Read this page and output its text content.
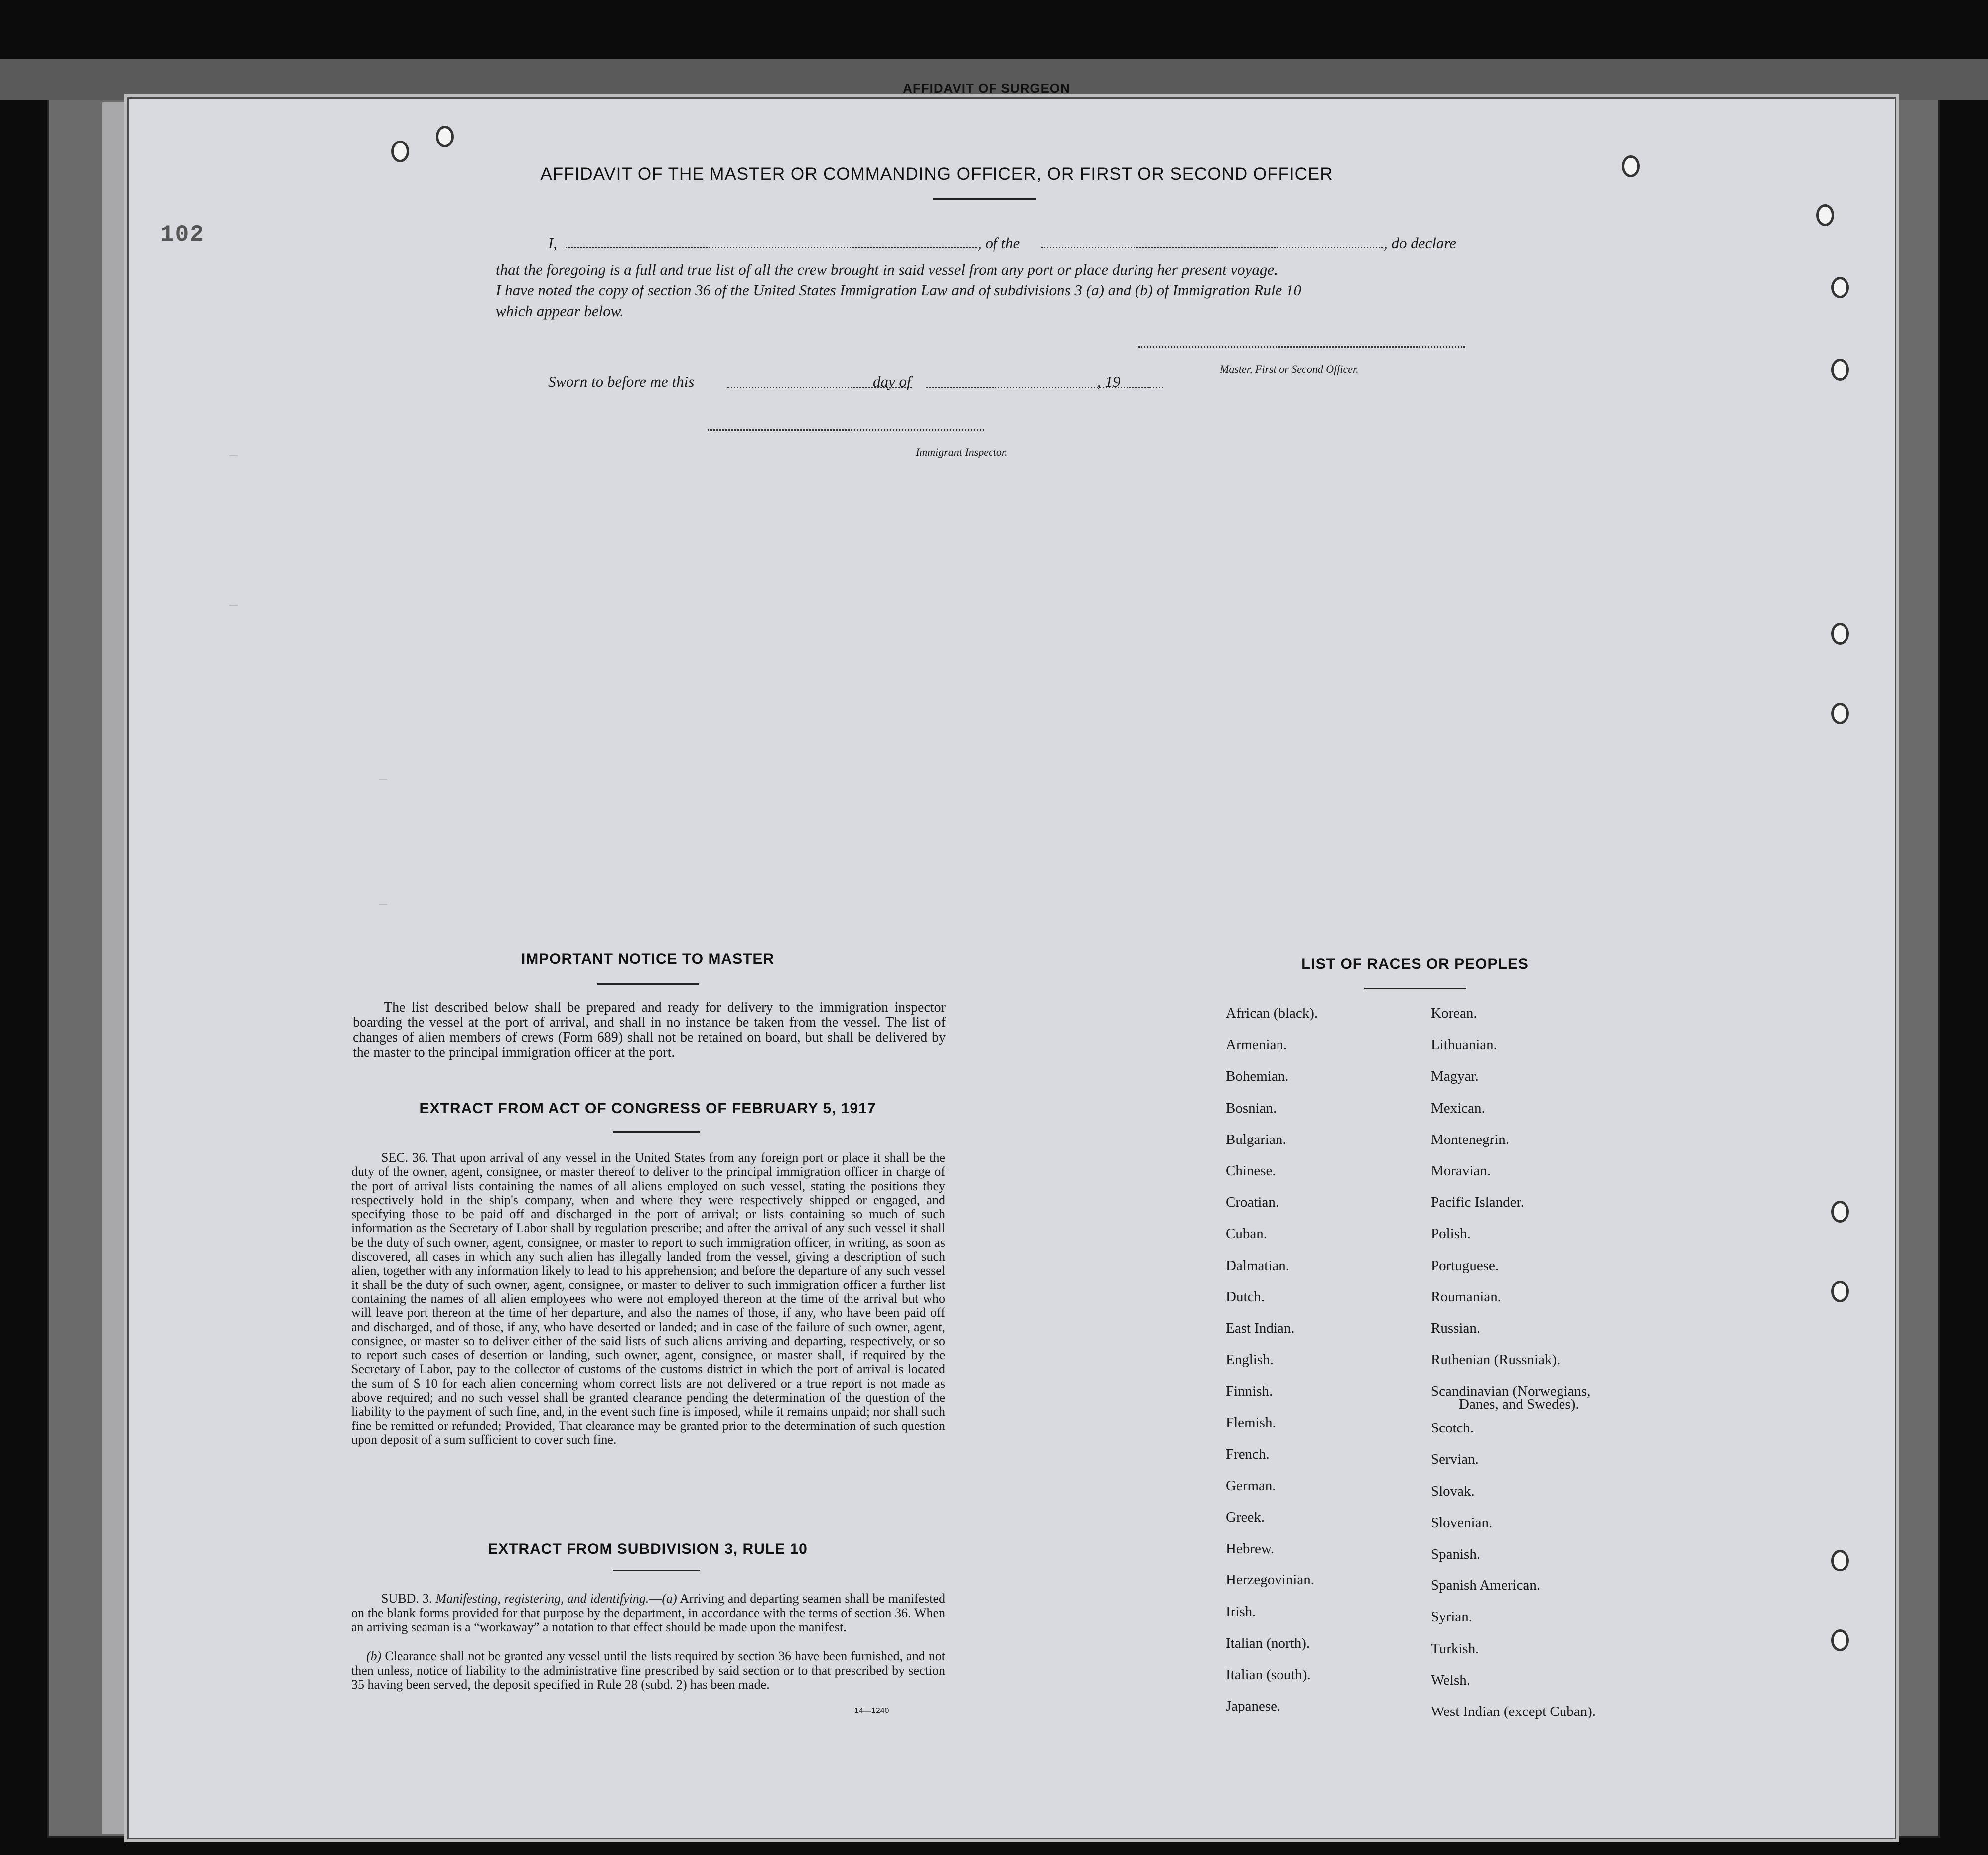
AFFIDAVIT OF SURGEON
—
—
—
—
102
AFFIDAVIT OF THE MASTER OR COMMANDING OFFICER, OR FIRST OR SECOND OFFICER
I,	, of the	, do declare
that the foregoing is a full and true list of all the crew brought in said vessel from any port or place during her present voyage.
I have noted the copy of section 36 of the United States Immigration Law and of subdivisions 3 (a) and (b) of Immigration Rule 10
which appear below.
Master, First or Second Officer.
Sworn to before me this	day of	, 19
Immigrant Inspector.
IMPORTANT NOTICE TO MASTER
The list described below shall be prepared and ready for delivery to the immigration inspector boarding the vessel at the port of arrival, and shall in no instance be taken from the vessel. The list of changes of alien members of crews (Form 689) shall not be retained on board, but shall be delivered by the master to the principal immigration officer at the port.
EXTRACT FROM ACT OF CONGRESS OF FEBRUARY 5, 1917
SEC. 36. That upon arrival of any vessel in the United States from any foreign port or place it shall be the duty of the owner, agent, consignee, or master thereof to deliver to the principal immigration officer in charge of the port of arrival lists containing the names of all aliens employed on such vessel, stating the positions they respectively hold in the ship's company, when and where they were respectively shipped or engaged, and specifying those to be paid off and discharged in the port of arrival; or lists containing so much of such information as the Secretary of Labor shall by regulation prescribe; and after the arrival of any such vessel it shall be the duty of such owner, agent, consignee, or master to report to such immigration officer, in writing, as soon as discovered, all cases in which any such alien has illegally landed from the vessel, giving a description of such alien, together with any information likely to lead to his apprehension; and before the departure of any such vessel it shall be the duty of such owner, agent, consignee, or master to deliver to such immigration officer a further list containing the names of all alien employees who were not employed thereon at the time of the arrival but who will leave port thereon at the time of her departure, and also the names of those, if any, who have been paid off and discharged, and of those, if any, who have deserted or landed; and in case of the failure of such owner, agent, consignee, or master so to deliver either of the said lists of such aliens arriving and departing, respectively, or so to report such cases of desertion or landing, such owner, agent, consignee, or master shall, if required by the Secretary of Labor, pay to the collector of customs of the customs district in which the port of arrival is located the sum of $ 10 for each alien concerning whom correct lists are not delivered or a true report is not made as above required; and no such vessel shall be granted clearance pending the determination of the question of the liability to the payment of such fine, and, in the event such fine is imposed, while it remains unpaid; nor shall such fine be remitted or refunded; Provided, That clearance may be granted prior to the determination of such question upon deposit of a sum sufficient to cover such fine.
EXTRACT FROM SUBDIVISION 3, RULE 10
SUBD. 3. Manifesting, registering, and identifying.—(a) Arriving and departing seamen shall be manifested on the blank forms provided for that purpose by the department, in accordance with the terms of section 36. When an arriving seaman is a “workaway” a notation to that effect should be made upon the manifest.
(b) Clearance shall not be granted any vessel until the lists required by section 36 have been furnished, and not then unless, notice of liability to the administrative fine prescribed by said section or to that prescribed by section 35 having been served, the deposit specified in Rule 28 (subd. 2) has been made.
14—1240
LIST OF RACES OR PEOPLES
African (black).
Armenian.
Bohemian.
Bosnian.
Bulgarian.
Chinese.
Croatian.
Cuban.
Dalmatian.
Dutch.
East Indian.
English.
Finnish.
Flemish.
French.
German.
Greek.
Hebrew.
Herzegovinian.
Irish.
Italian (north).
Italian (south).
Japanese.
Korean.
Lithuanian.
Magyar.
Mexican.
Montenegrin.
Moravian.
Pacific Islander.
Polish.
Portuguese.
Roumanian.
Russian.
Ruthenian (Russniak).
Scandinavian (Norwegians,
Scotch.
Servian.
Slovak.
Slovenian.
Spanish.
Spanish American.
Syrian.
Turkish.
Welsh.
West Indian (except Cuban).
Danes, and Swedes).
